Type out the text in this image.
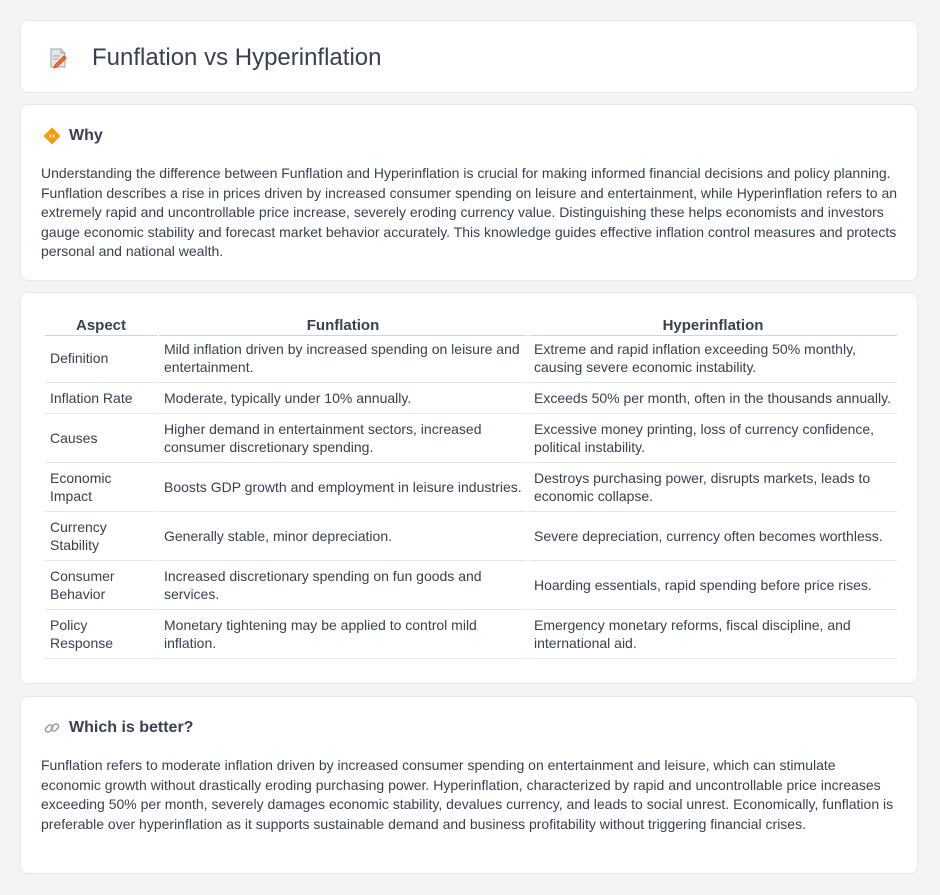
Funflation vs Hyperinflation
Why

Understanding the difference between Funflation and Hyperinflation is crucial for making informed financial decisions and policy planning. Funflation describes a rise in prices driven by increased consumer spending on leisure and entertainment, while Hyperinflation refers to an extremely rapid and uncontrollable price increase, severely eroding currency value. Distinguishing these helps economists and investors gauge economic stability and forecast market behavior accurately. This knowledge guides effective inflation control measures and protects personal and national wealth.

Aspect	Funflation	Hyperinflation
Definition	Mild inflation driven by increased spending on leisure and entertainment.	Extreme and rapid inflation exceeding 50% monthly, causing severe economic instability.
Inflation Rate	Moderate, typically under 10% annually.	Exceeds 50% per month, often in the thousands annually.
Causes	Higher demand in entertainment sectors, increased consumer discretionary spending.	Excessive money printing, loss of currency confidence, political instability.
Economic Impact	Boosts GDP growth and employment in leisure industries.	Destroys purchasing power, disrupts markets, leads to economic collapse.
Currency Stability	Generally stable, minor depreciation.	Severe depreciation, currency often becomes worthless.
Consumer Behavior	Increased discretionary spending on fun goods and services.	Hoarding essentials, rapid spending before price rises.
Policy Response	Monetary tightening may be applied to control mild inflation.	Emergency monetary reforms, fiscal discipline, and international aid.
Which is better?

Funflation refers to moderate inflation driven by increased consumer spending on entertainment and leisure, which can stimulate economic growth without drastically eroding purchasing power. Hyperinflation, characterized by rapid and uncontrollable price increases exceeding 50% per month, severely damages economic stability, devalues currency, and leads to social unrest. Economically, funflation is preferable over hyperinflation as it supports sustainable demand and business profitability without triggering financial crises.
